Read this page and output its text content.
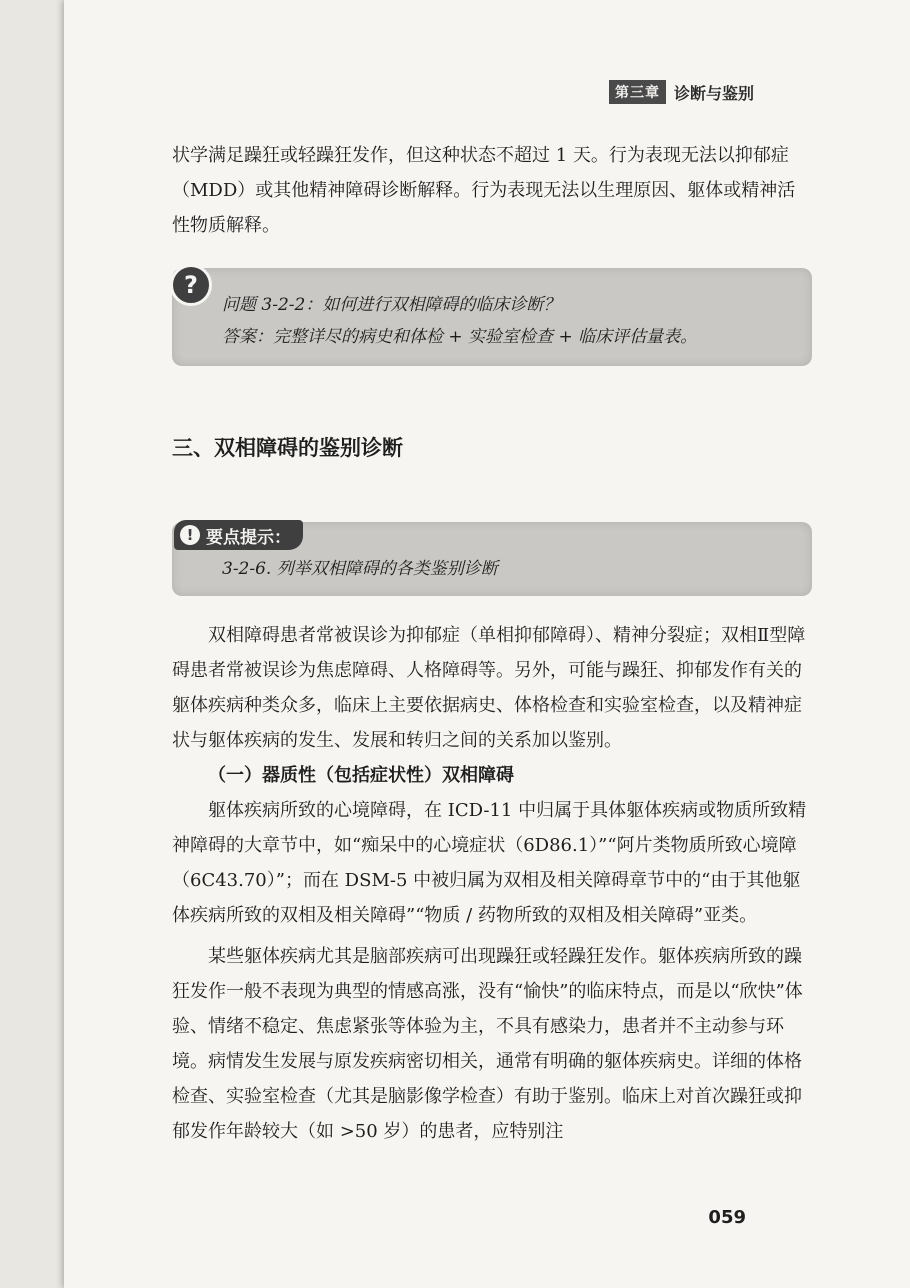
第三章 诊断与鉴别

状学满足躁狂或轻躁狂发作，但这种状态不超过 1 天。行为表现无法以抑郁症（MDD）或其他精神障碍诊断解释。行为表现无法以生理原因、躯体或精神活性物质解释。

?
问题 3-2-2：如何进行双相障碍的临床诊断？
答案：完整详尽的病史和体检 + 实验室检查 + 临床评估量表。
三、双相障碍的鉴别诊断
! 要点提示：
3-2-6. 列举双相障碍的各类鉴别诊断

双相障碍患者常被误诊为抑郁症（单相抑郁障碍）、精神分裂症；双相Ⅱ型障碍患者常被误诊为焦虑障碍、人格障碍等。另外，可能与躁狂、抑郁发作有关的躯体疾病种类众多，临床上主要依据病史、体格检查和实验室检查，以及精神症状与躯体疾病的发生、发展和转归之间的关系加以鉴别。

（一）器质性（包括症状性）双相障碍

躯体疾病所致的心境障碍，在 ICD-11 中归属于具体躯体疾病或物质所致精神障碍的大章节中，如“痴呆中的心境症状（6D86.1）”“阿片类物质所致心境障（6C43.70）”；而在 DSM-5 中被归属为双相及相关障碍章节中的“由于其他躯体疾病所致的双相及相关障碍”“物质 / 药物所致的双相及相关障碍”亚类。

某些躯体疾病尤其是脑部疾病可出现躁狂或轻躁狂发作。躯体疾病所致的躁狂发作一般不表现为典型的情感高涨，没有“愉快”的临床特点，而是以“欣快”体验、情绪不稳定、焦虑紧张等体验为主，不具有感染力，患者并不主动参与环境。病情发生发展与原发疾病密切相关，通常有明确的躯体疾病史。详细的体格检查、实验室检查（尤其是脑影像学检查）有助于鉴别。临床上对首次躁狂或抑郁发作年龄较大（如 >50 岁）的患者，应特别注

059
